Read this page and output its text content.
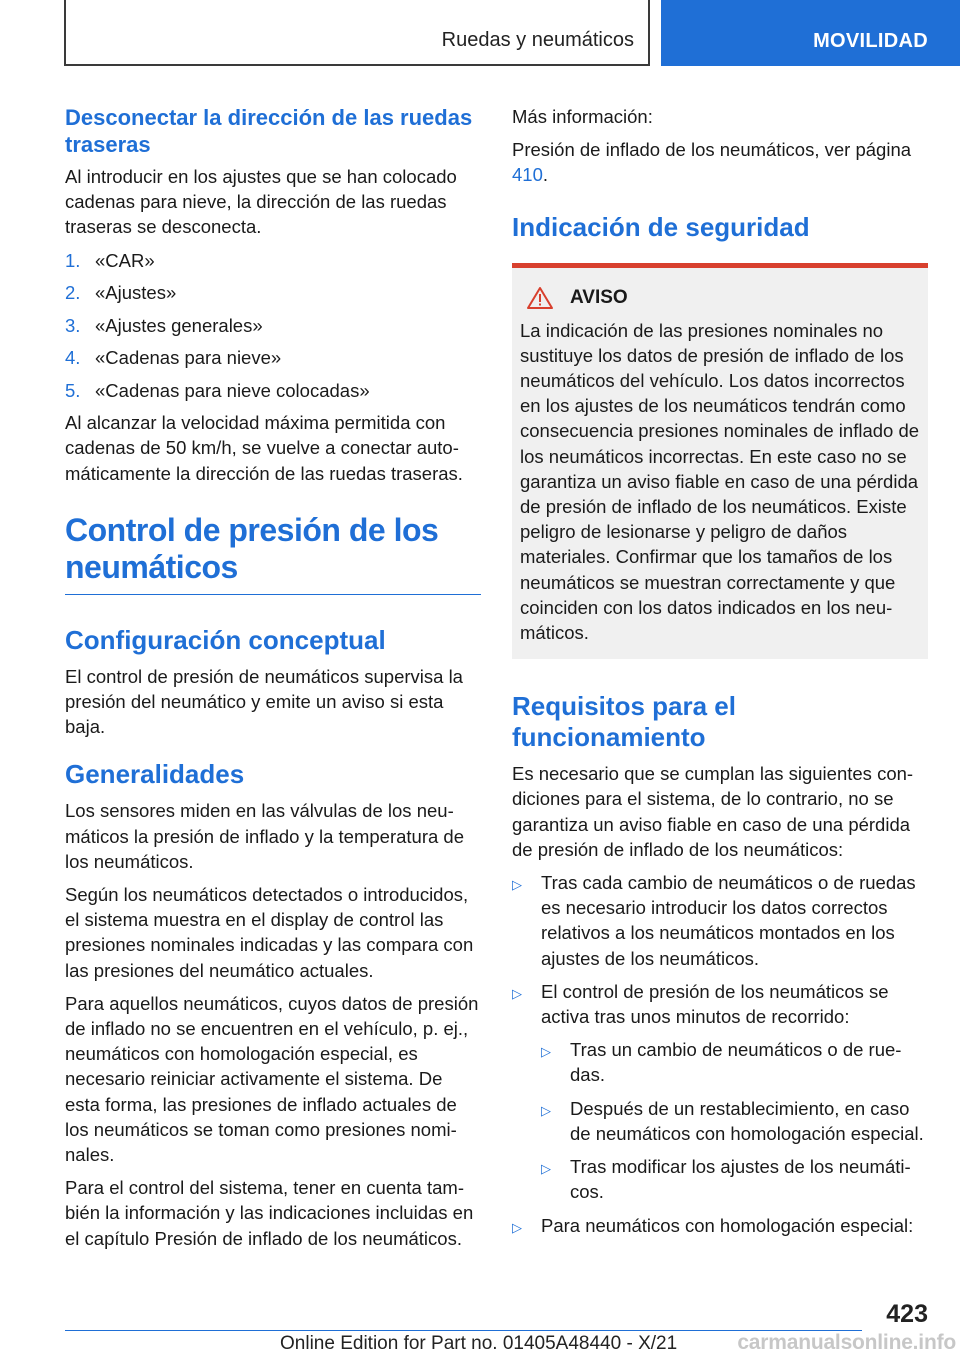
Ruedas y neumáticos	MOVILIDAD
Desconectar la dirección de las ruedas traseras
Al introducir en los ajustes que se han colocado cadenas para nieve, la dirección de las ruedas traseras se desconecta.
1. «CAR»
2. «Ajustes»
3. «Ajustes generales»
4. «Cadenas para nieve»
5. «Cadenas para nieve colocadas»
Al alcanzar la velocidad máxima permitida con cadenas de 50 km/h, se vuelve a conectar automáticamente la dirección de las ruedas traseras.
Control de presión de los neumáticos
Configuración conceptual
El control de presión de neumáticos supervisa la presión del neumático y emite un aviso si esta baja.
Generalidades
Los sensores miden en las válvulas de los neumáticos la presión de inflado y la temperatura de los neumáticos.
Según los neumáticos detectados o introducidos, el sistema muestra en el display de control las presiones nominales indicadas y las compara con las presiones del neumático actuales.
Para aquellos neumáticos, cuyos datos de presión de inflado no se encuentren en el vehículo, p. ej., neumáticos con homologación especial, es necesario reiniciar activamente el sistema. De esta forma, las presiones de inflado actuales de los neumáticos se toman como presiones nominales.
Para el control del sistema, tener en cuenta también la información y las indicaciones incluidas en el capítulo Presión de inflado de los neumáticos.
Más información:
Presión de inflado de los neumáticos, ver página 410.
Indicación de seguridad
AVISO
La indicación de las presiones nominales no sustituye los datos de presión de inflado de los neumáticos del vehículo. Los datos incorrectos en los ajustes de los neumáticos tendrán como consecuencia presiones nominales de inflado de los neumáticos incorrectas. En este caso no se garantiza un aviso fiable en caso de una pérdida de presión de inflado de los neumáticos. Existe peligro de lesionarse y peligro de daños materiales. Confirmar que los tamaños de los neumáticos se muestran correctamente y que coinciden con los datos indicados en los neumáticos.
Requisitos para el funcionamiento
Es necesario que se cumplan las siguientes condiciones para el sistema, de lo contrario, no se garantiza un aviso fiable en caso de una pérdida de presión de inflado de los neumáticos:
▷	Tras cada cambio de neumáticos o de ruedas es necesario introducir los datos correctos relativos a los neumáticos montados en los ajustes de los neumáticos.
▷	El control de presión de los neumáticos se activa tras unos minutos de recorrido:
▷	Tras un cambio de neumáticos o de ruedas.
▷	Después de un restablecimiento, en caso de neumáticos con homologación especial.
▷	Tras modificar los ajustes de los neumáticos.
▷	Para neumáticos con homologación especial:
423
Online Edition for Part no. 01405A48440 - X/21	carmanualsonline.info
